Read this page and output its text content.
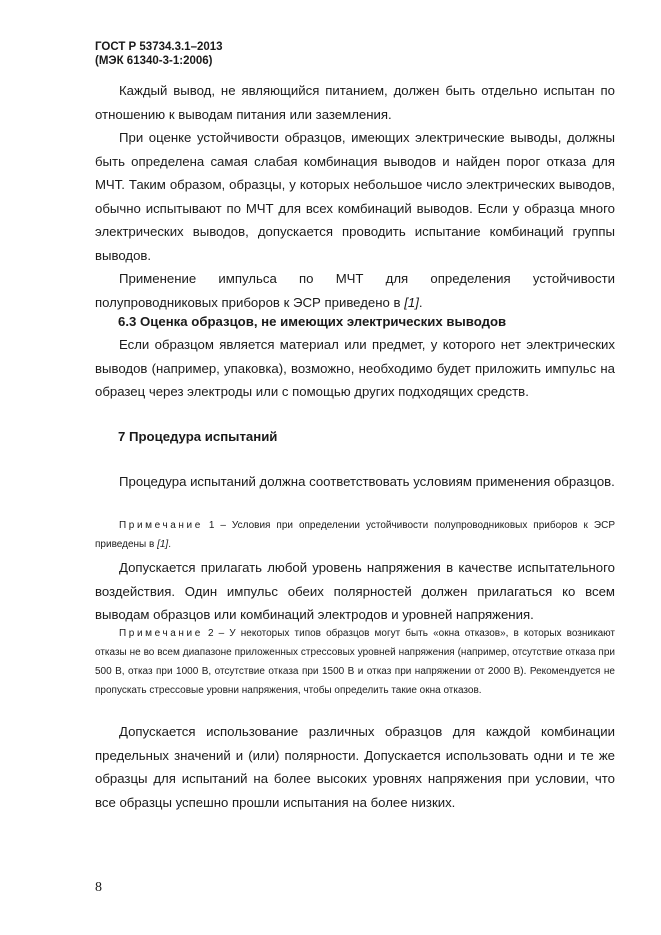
ГОСТ Р 53734.3.1–2013
(МЭК 61340-3-1:2006)
Каждый вывод, не являющийся питанием, должен быть отдельно испытан по отношению к выводам питания или заземления.
При оценке устойчивости образцов, имеющих электрические выводы, должны быть определена самая слабая комбинация выводов и найден порог отказа для МЧТ. Таким образом, образцы, у которых небольшое число электрических выводов, обычно испытывают по МЧТ для всех комбинаций выводов. Если у образца много электрических выводов, допускается проводить испытание комбинаций группы выводов.
Применение импульса по МЧТ для определения устойчивости полупроводниковых приборов к ЭСР приведено в [1].
6.3 Оценка образцов, не имеющих электрических выводов
Если образцом является материал или предмет, у которого нет электрических выводов (например, упаковка), возможно, необходимо будет приложить импульс на образец через электроды или с помощью других подходящих средств.
7 Процедура испытаний
Процедура испытаний должна соответствовать условиям применения образцов.
Примечание 1 – Условия при определении устойчивости полупроводниковых приборов к ЭСР приведены в [1].
Допускается прилагать любой уровень напряжения в качестве испытательного воздействия. Один импульс обеих полярностей должен прилагаться ко всем выводам образцов или комбинаций электродов и уровней напряжения.
Примечание 2 – У некоторых типов образцов могут быть «окна отказов», в которых возникают отказы не во всем диапазоне приложенных стрессовых уровней напряжения (например, отсутствие отказа при 500 В, отказ при 1000 В, отсутствие отказа при 1500 В и отказ при напряжении от 2000 В). Рекомендуется не пропускать стрессовые уровни напряжения, чтобы определить такие окна отказов.
Допускается использование различных образцов для каждой комбинации предельных значений и (или) полярности. Допускается использовать одни и те же образцы для испытаний на более высоких уровнях напряжения при условии, что все образцы успешно прошли испытания на более низких.
8
